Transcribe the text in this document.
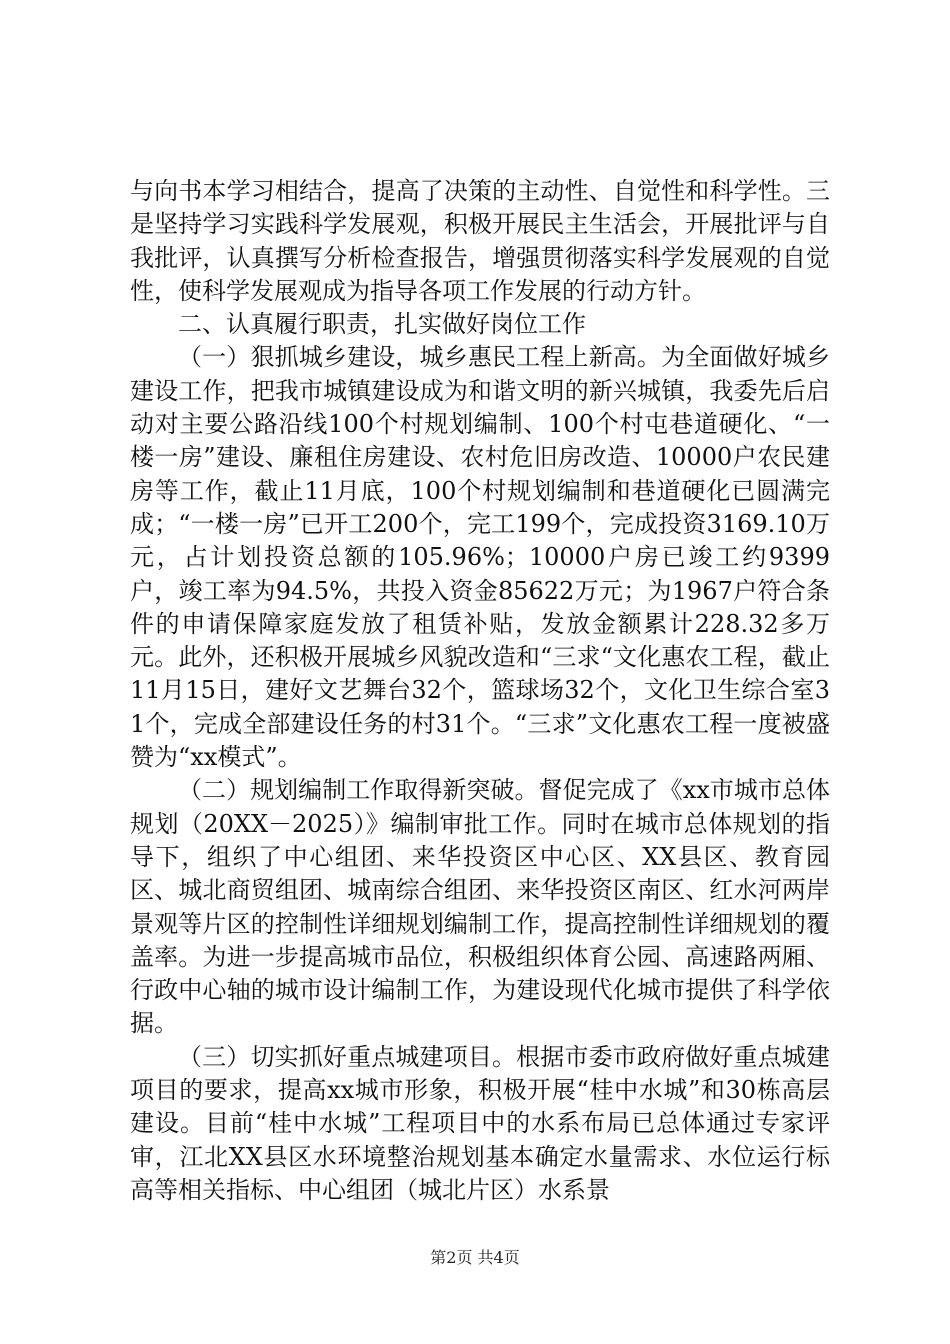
与向书本学习相结合，提高了决策的主动性、自觉性和科学性。三是坚持学习实践科学发展观，积极开展民主生活会，开展批评与自我批评，认真撰写分析检查报告，增强贯彻落实科学发展观的自觉性，使科学发展观成为指导各项工作发展的行动方针。

二、认真履行职责，扎实做好岗位工作

（一）狠抓城乡建设，城乡惠民工程上新高。为全面做好城乡建设工作，把我市城镇建设成为和谐文明的新兴城镇，我委先后启动对主要公路沿线100个村规划编制、100个村屯巷道硬化、“一楼一房”建设、廉租住房建设、农村危旧房改造、10000户农民建房等工作，截止11月底，100个村规划编制和巷道硬化已圆满完成；“一楼一房”已开工200个，完工199个，完成投资3169.10万元，占计划投资总额的105.96%；10000户房已竣工约9399户，竣工率为94.5%，共投入资金85622万元；为1967户符合条件的申请保障家庭发放了租赁补贴，发放金额累计228.32多万元。此外，还积极开展城乡风貌改造和“三求“文化惠农工程，截止11月15日，建好文艺舞台32个，篮球场32个，文化卫生综合室31个，完成全部建设任务的村31个。“三求”文化惠农工程一度被盛赞为“xx模式”。

（二）规划编制工作取得新突破。督促完成了《xx市城市总体规划（20XX－2025）》编制审批工作。同时在城市总体规划的指导下，组织了中心组团、来华投资区中心区、XX县区、教育园区、城北商贸组团、城南综合组团、来华投资区南区、红水河两岸景观等片区的控制性详细规划编制工作，提高控制性详细规划的覆盖率。为进一步提高城市品位，积极组织体育公园、高速路两厢、行政中心轴的城市设计编制工作，为建设现代化城市提供了科学依据。

（三）切实抓好重点城建项目。根据市委市政府做好重点城建项目的要求，提高xx城市形象，积极开展“桂中水城”和30栋高层建设。目前“桂中水城”工程项目中的水系布局已总体通过专家评审，江北XX县区水环境整治规划基本确定水量需求、水位运行标高等相关指标、中心组团（城北片区）水系景

第2页 共4页
